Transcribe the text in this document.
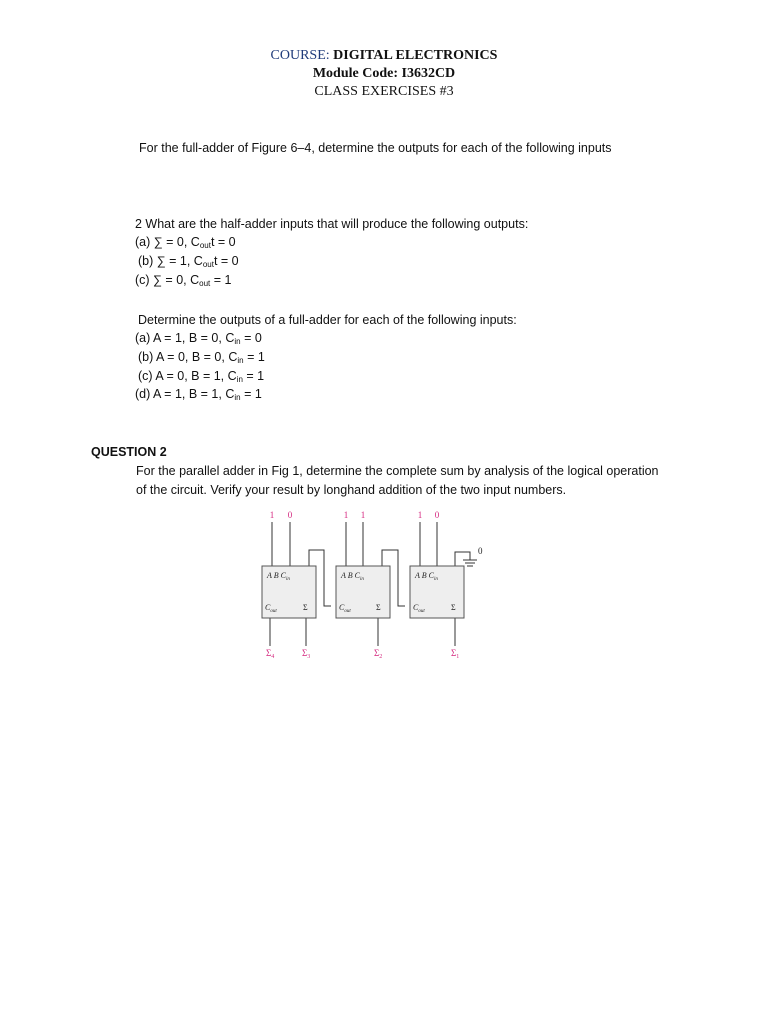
COURSE: DIGITAL ELECTRONICS
Module Code: I3632CD
CLASS EXERCISES #3
For the full-adder of Figure 6–4, determine the outputs for each of the following inputs
2 What are the half-adder inputs that will produce the following outputs:
(a) ∑ = 0, $C_{out}t = 0$
(b) ∑ = 1, $C_{out}t = 0$
(c) ∑ = 0, $C_{out} = 1$
Determine the outputs of a full-adder for each of the following inputs:
(a) A = 1, B = 0, $C_{in} = 0$
(b) A = 0, B = 0, $C_{in} = 1$
(c) A = 0, B = 1, $C_{in} = 1$
(d) A = 1, B = 1, $C_{in} = 1$
QUESTION 2
For the parallel adder in Fig 1, determine the complete sum by analysis of the logical operation
of the circuit. Verify your result by longhand addition of the two input numbers.
1 0	1 1	1 0
0
A B $C_{in}$
$C_{out}$	Σ
A B $C_{in}$
$C_{out}$	Σ
A B $C_{in}$
$C_{out}$	Σ
$\Sigma_4$	$\Sigma_3$	$\Sigma_2$	$\Sigma_1$
